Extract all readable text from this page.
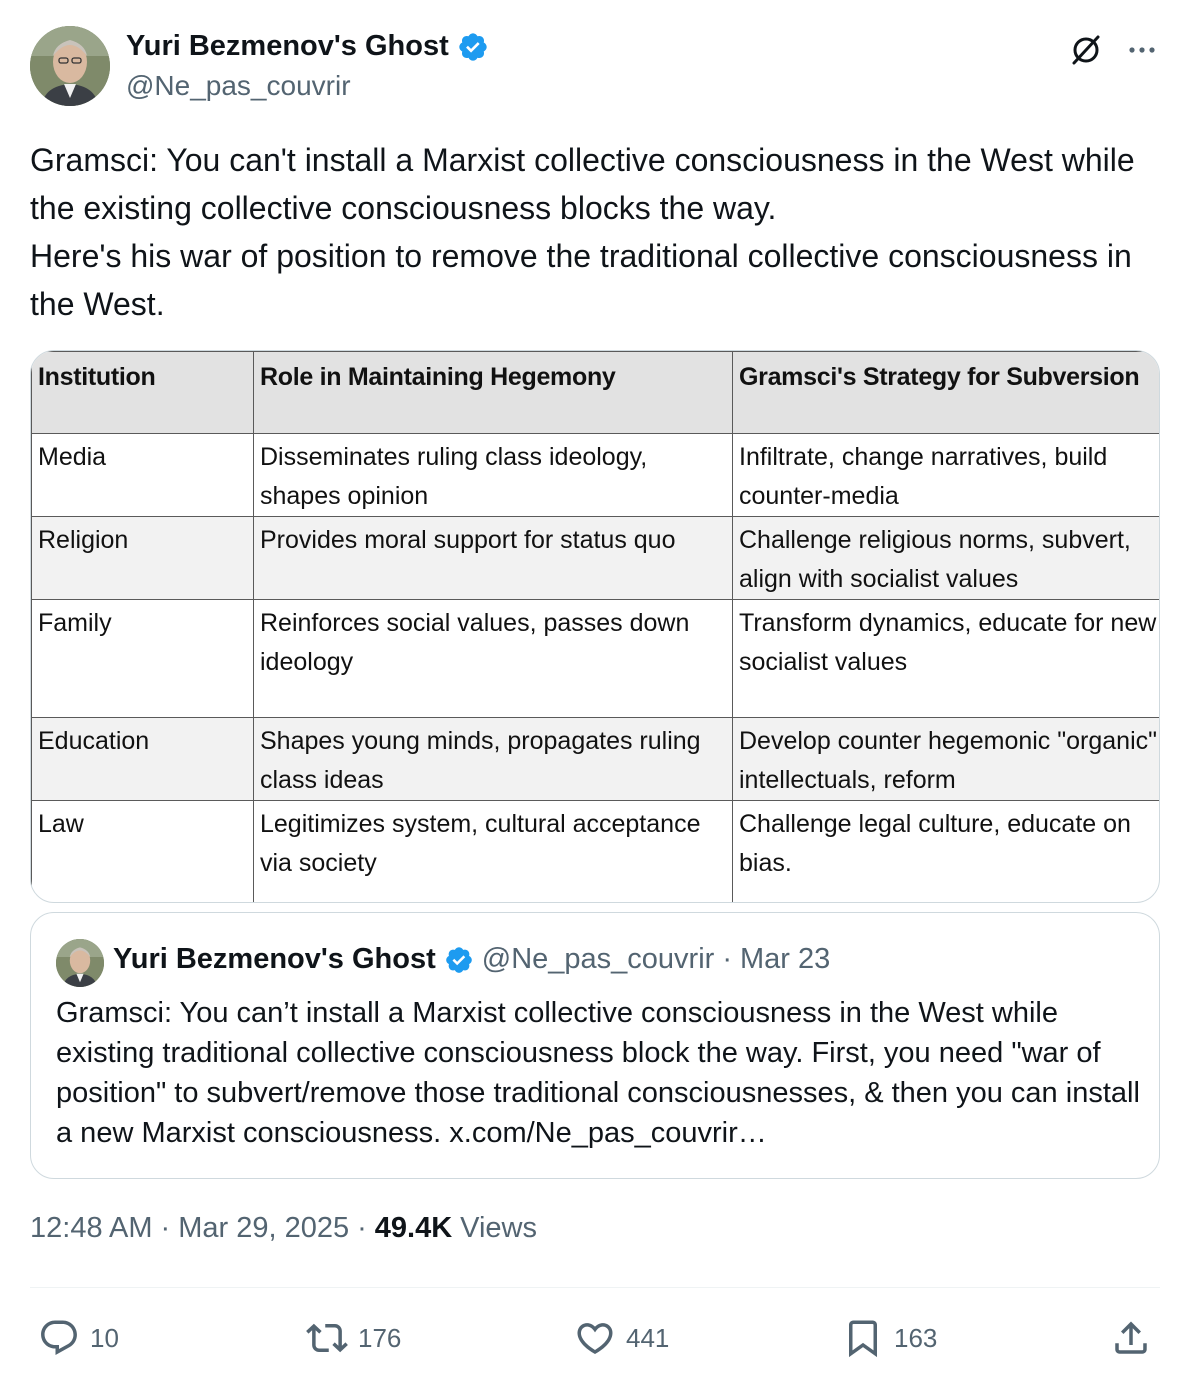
Yuri Bezmenov's Ghost
@Ne_pas_couvrir
Gramsci: You can't install a Marxist collective consciousness in the West while the existing collective consciousness blocks the way.
Here's his war of position to remove the traditional collective consciousness in the West.
Institution	Role in Maintaining Hegemony	Gramsci's Strategy for Subversion
Media	Disseminates ruling class ideology, shapes opinion	Infiltrate, change narratives, build counter-media
Religion	Provides moral support for status quo	Challenge religious norms, subvert, align with socialist values
Family	Reinforces social values, passes down ideology	Transform dynamics, educate for new socialist values
Education	Shapes young minds, propagates ruling class ideas	Develop counter hegemonic "organic" intellectuals, reform
Law	Legitimizes system, cultural acceptance via society	Challenge legal culture, educate on bias.
Yuri Bezmenov's Ghost @Ne_pas_couvrir · Mar 23
Gramsci: You can’t install a Marxist collective consciousness in the West while existing traditional collective consciousness block the way. First, you need "war of position" to subvert/remove those traditional consciousnesses, & then you can install a new Marxist consciousness. x.com/Ne_pas_couvrir…
12:48 AM · Mar 29, 2025 · 49.4K Views
10	176	441	163
